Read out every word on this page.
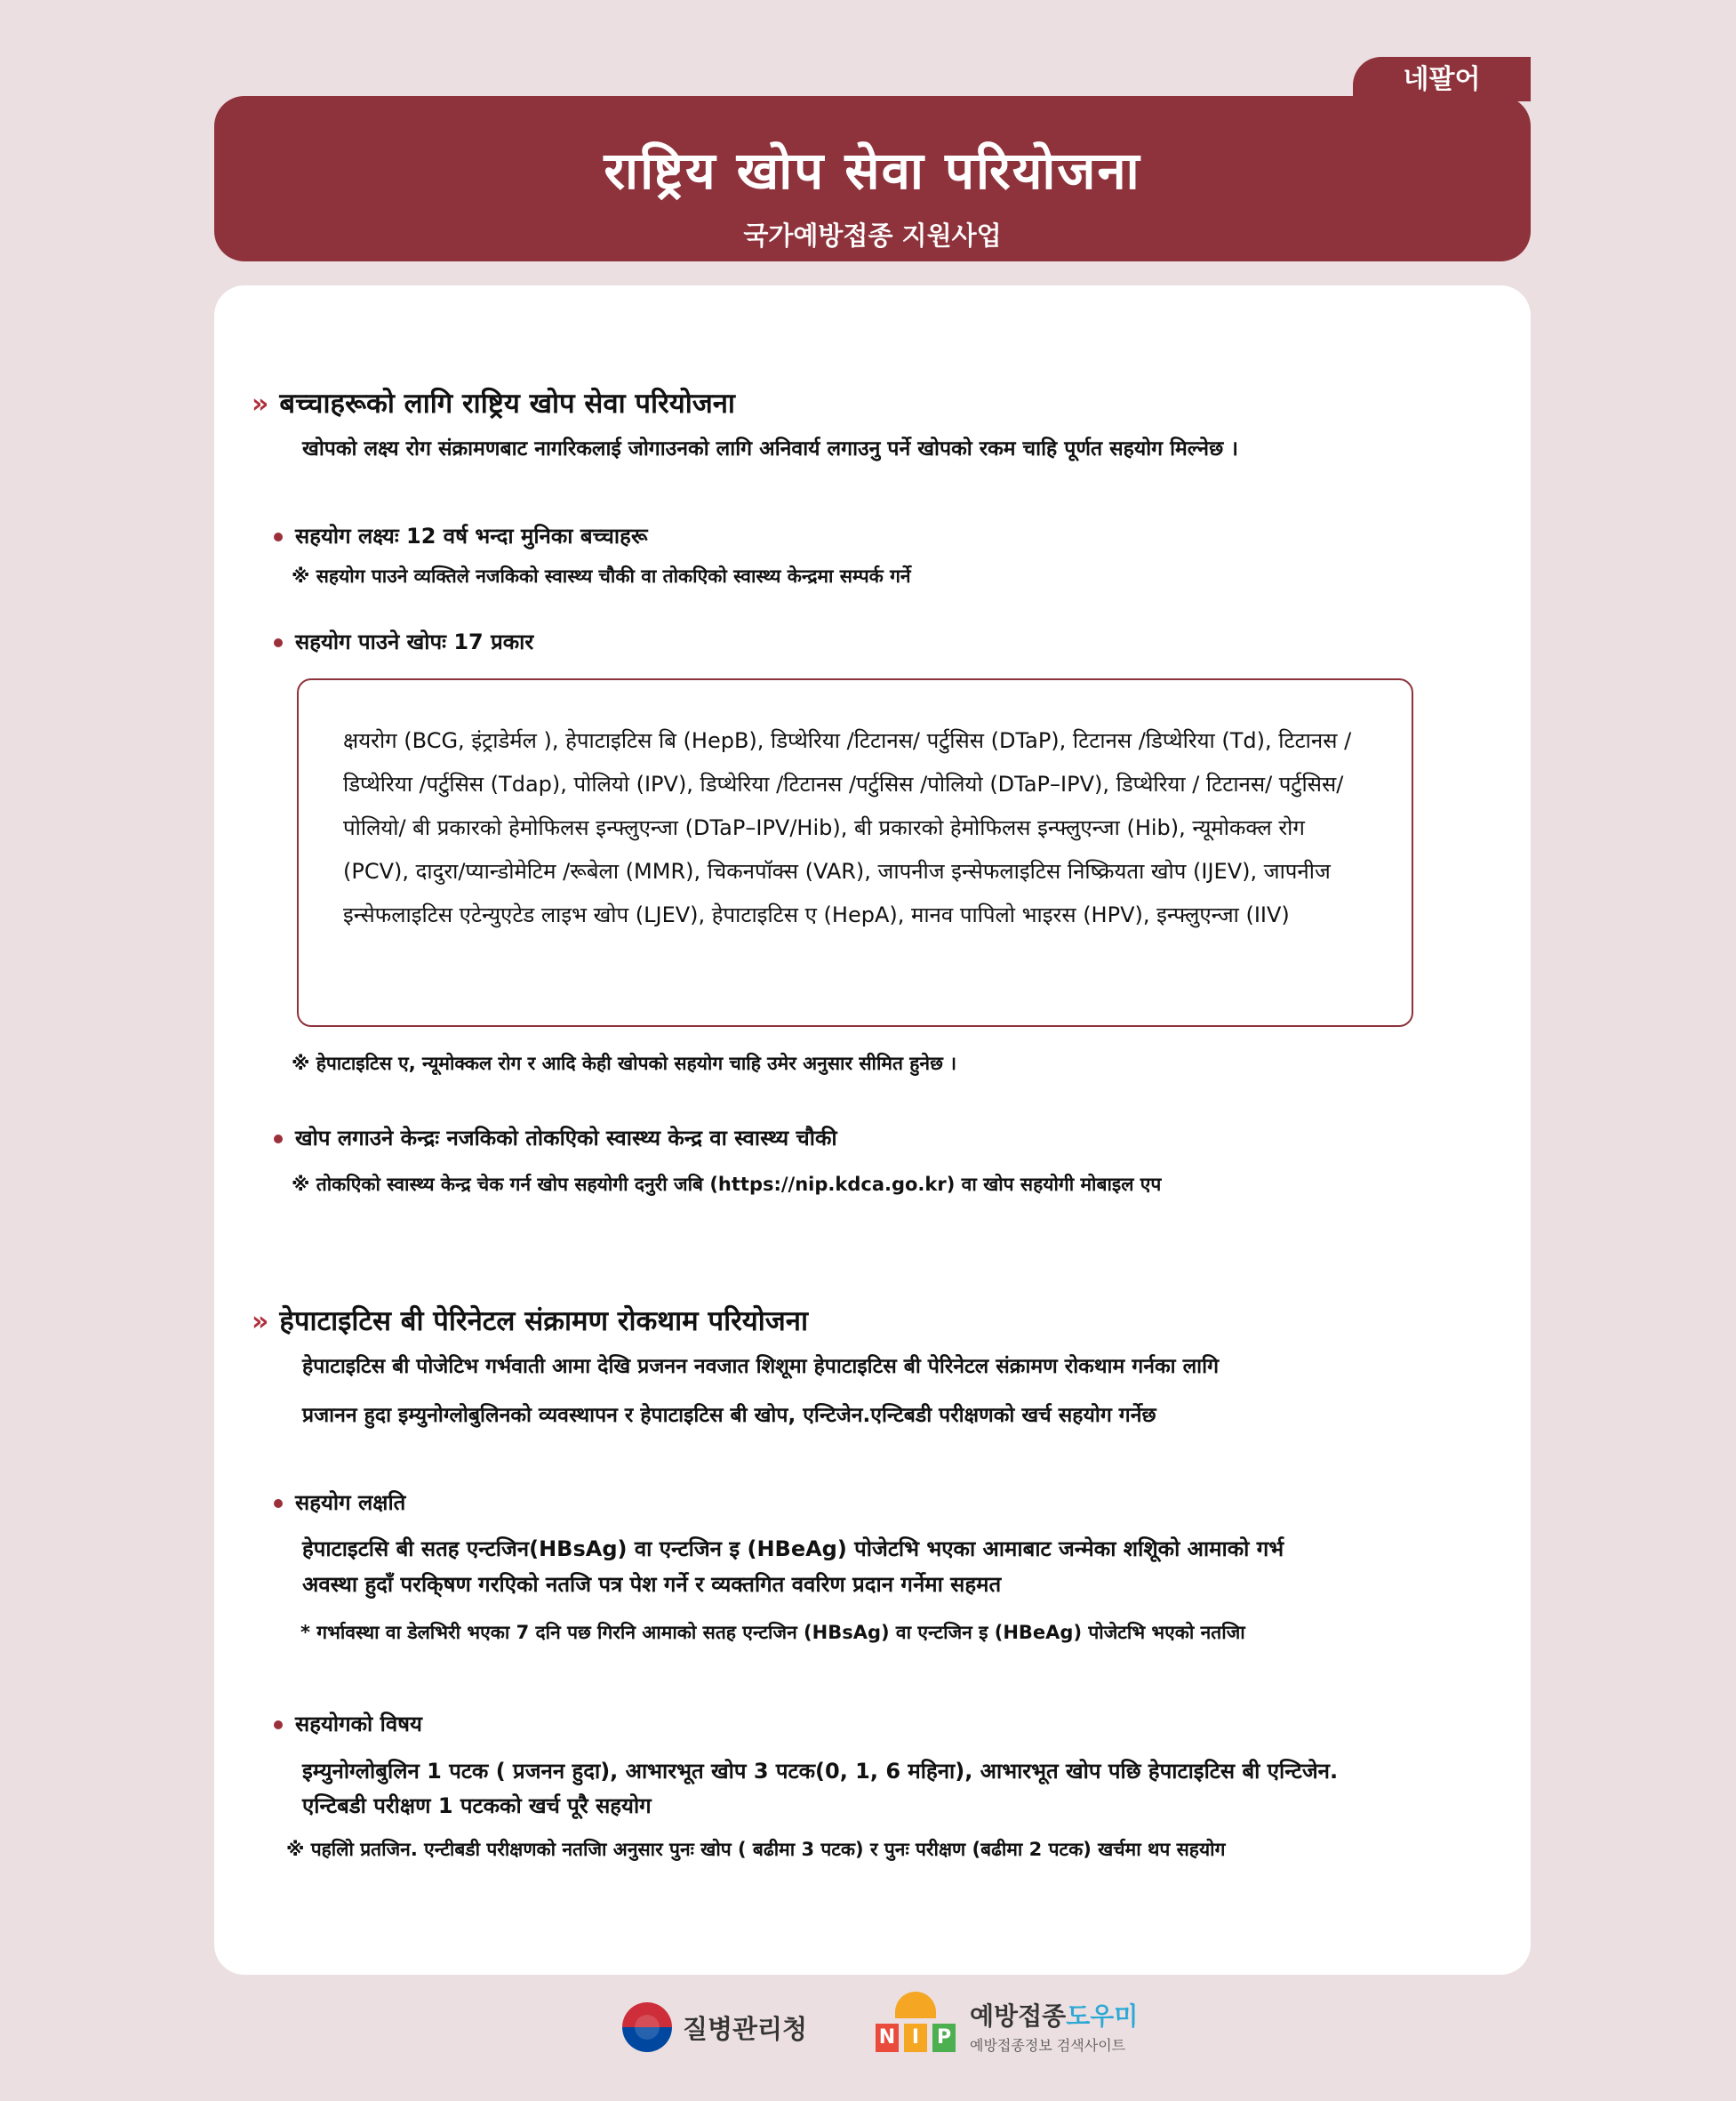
네팔어
राष्ट्रिय खोप सेवा परियोजना
국가예방접종 지원사업
» बच्चाहरूको लागि राष्ट्रिय खोप सेवा परियोजना
खोपको लक्ष्य रोग संक्रामणबाट नागरिकलाई जोगाउनको लागि अनिवार्य लगाउनु पर्ने खोपको रकम चाहि पूर्णत सहयोग मिल्नेछ ।
सहयोग लक्ष्यः 12 वर्ष भन्दा मुनिका बच्चाहरू
※ सहयोग पाउने व्यक्तिले नजकिको स्वास्थ्य चौकी वा तोकएिको स्वास्थ्य केन्द्रमा सम्पर्क गर्ने
सहयोग पाउने खोपः 17 प्रकार
क्षयरोग (BCG, इंट्राडेर्मल ), हेपाटाइटिस बि (HepB), डिप्थेरिया /टिटानस/ पर्टुसिस (DTaP), टिटानस /डिप्थेरिया (Td), टिटानस /डिप्थेरिया /पर्टुसिस (Tdap), पोलियो (IPV), डिप्थेरिया /टिटानस /पर्टुसिस /पोलियो (DTaP–IPV), डिप्थेरिया / टिटानस/ पर्टुसिस/ पोलियो/ बी प्रकारको हेमोफिलस इन्फ्लुएन्जा (DTaP–IPV/Hib), बी प्रकारको हेमोफिलस इन्फ्लुएन्जा (Hib), न्यूमोकक्ल रोग (PCV), दादुरा/प्यान्डोमेटिम /रूबेला (MMR), चिकनपॉक्स (VAR), जापनीज इन्सेफलाइटिस निष्क्रियता खोप (IJEV), जापनीज इन्सेफलाइटिस एटेन्युएटेड लाइभ खोप (LJEV), हेपाटाइटिस ए (HepA), मानव पापिलो भाइरस (HPV), इन्फ्लुएन्जा (IIV)
※ हेपाटाइटिस ए, न्यूमोक्कल रोग र आदि केही खोपको सहयोग चाहि उमेर अनुसार सीमित हुनेछ ।
खोप लगाउने केन्द्रः नजकिको तोकएिको स्वास्थ्य केन्द्र वा स्वास्थ्य चौकी
※ तोकएिको स्वास्थ्य केन्द्र चेक गर्न खोप सहयोगी दनुरी जबि (https://nip.kdca.go.kr) वा खोप सहयोगी मोबाइल एप
» हेपाटाइटिस बी पेरिनेटल संक्रामण रोकथाम परियोजना
हेपाटाइटिस बी पोजेटिभ गर्भवाती आमा देखि प्रजनन नवजात शिशूमा हेपाटाइटिस बी पेरिनेटल संक्रामण रोकथाम गर्नका लागि
प्रजानन हुदा इम्युनोग्लोबुलिनको व्यवस्थापन र हेपाटाइटिस बी खोप, एन्टिजेन.एन्टिबडी परीक्षणको खर्च सहयोग गर्नेछ
सहयोग लक्षति
हेपाटाइटसि बी सतह एन्टजिन(HBsAg) वा एन्टजिन इ (HBeAg) पोजेटभि भएका आमाबाट जन्मेका शशिूको आमाको गर्भ
अवस्था हुदाँ परकि्षण गरएिको नतजि पत्र पेश गर्ने र व्यक्तगित ववरिण प्रदान गर्नेमा सहमत
* गर्भावस्था वा डेलभिरी भएका 7 दनि पछ गिरनि आमाको सतह एन्टजिन (HBsAg) वा एन्टजिन इ (HBeAg) पोजेटभि भएको नतजिा
सहयोगको विषय
इम्युनोग्लोबुलिन 1 पटक ( प्रजनन हुदा), आभारभूत खोप 3 पटक(0, 1, 6 महिना), आभारभूत खोप पछि हेपाटाइटिस बी एन्टिजेन.
एन्टिबडी परीक्षण 1 पटकको खर्च पूरै सहयोग
※ पहलिो प्रतजिन. एन्टीबडी परीक्षणको नतजिा अनुसार पुनः खोप ( बढीमा 3 पटक) र पुनः परीक्षण (बढीमा 2 पटक) खर्चमा थप सहयोग
질병관리청	N I P
예방접종도우미
예방접종정보 검색사이트
